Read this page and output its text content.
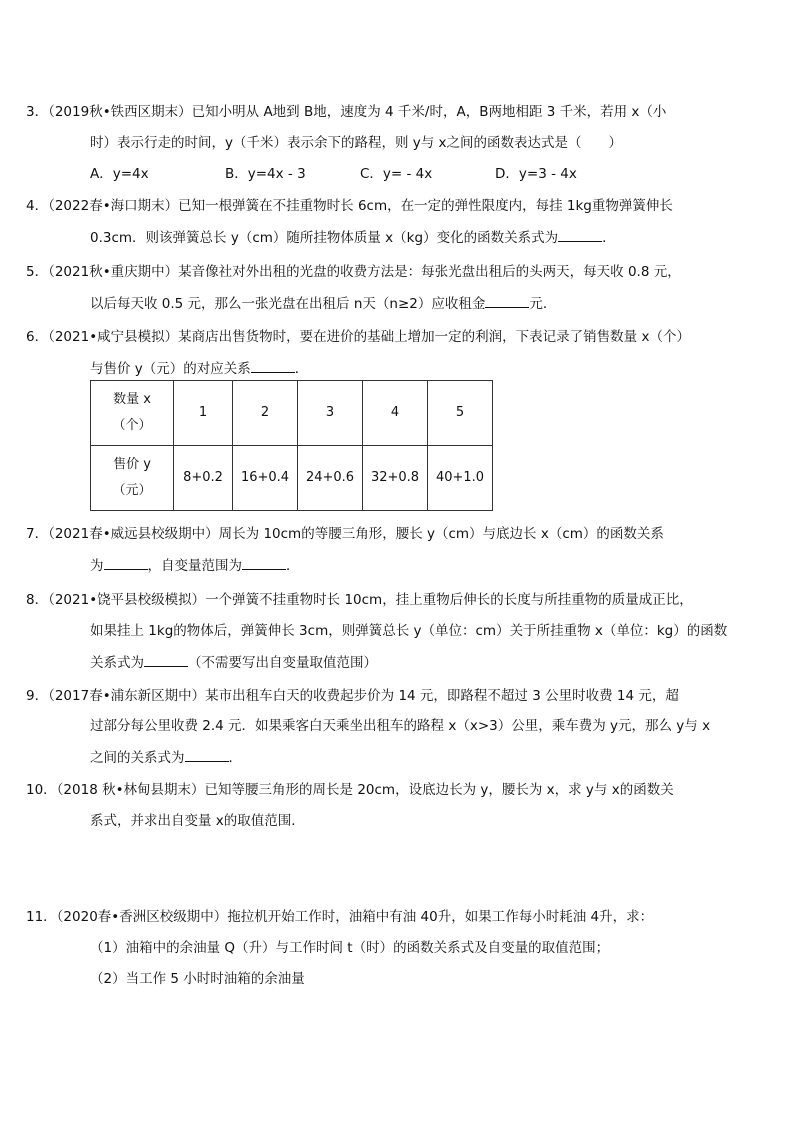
3．（2019秋•铁西区期末）已知小明从 A地到 B地，速度为 4 千米/时，A，B两地相距 3 千米，若用 x（小
时）表示行走的时间，y（千米）表示余下的路程，则 y与 x之间的函数表达式是（　　）
A．y=4x	B．y=4x - 3	C．y= - 4x	D．y=3 - 4x
4．（2022春•海口期末）已知一根弹簧在不挂重物时长 6cm，在一定的弹性限度内，每挂 1kg重物弹簧伸长
0.3cm．则该弹簧总长 y（cm）随所挂物体质量 x（kg）变化的函数关系式为	．
5．（2021秋•重庆期中）某音像社对外出租的光盘的收费方法是：每张光盘出租后的头两天，每天收 0.8 元，
以后每天收 0.5 元，那么一张光盘在出租后 n天（n≥2）应收租金	元．
6．（2021•咸宁县模拟）某商店出售货物时，要在进价的基础上增加一定的利润，下表记录了销售数量 x（个）
与售价 y（元）的对应关系	．
数量 x
（个）	1	2	3	4	5
售价 y
（元）	8+0.2	16+0.4	24+0.6	32+0.8	40+1.0
7．（2021春•威远县校级期中）周长为 10cm的等腰三角形，腰长 y（cm）与底边长 x（cm）的函数关系
为	，自变量范围为	．
8．（2021•饶平县校级模拟）一个弹簧不挂重物时长 10cm，挂上重物后伸长的长度与所挂重物的质量成正比，
如果挂上 1kg的物体后，弹簧伸长 3cm，则弹簧总长 y（单位：cm）关于所挂重物 x（单位：kg）的函数
关系式为	（不需要写出自变量取值范围）
9．（2017春•浦东新区期中）某市出租车白天的收费起步价为 14 元，即路程不超过 3 公里时收费 14 元，超
过部分每公里收费 2.4 元．如果乘客白天乘坐出租车的路程 x（x>3）公里，乘车费为 y元，那么 y与 x
之间的关系式为	．
10．（2018 秋•林甸县期末）已知等腰三角形的周长是 20cm，设底边长为 y，腰长为 x，求 y与 x的函数关
系式，并求出自变量 x的取值范围．
11．（2020春•香洲区校级期中）拖拉机开始工作时，油箱中有油 40升，如果工作每小时耗油 4升，求：
（1）油箱中的余油量 Q（升）与工作时间 t（时）的函数关系式及自变量的取值范围；
（2）当工作 5 小时时油箱的余油量
